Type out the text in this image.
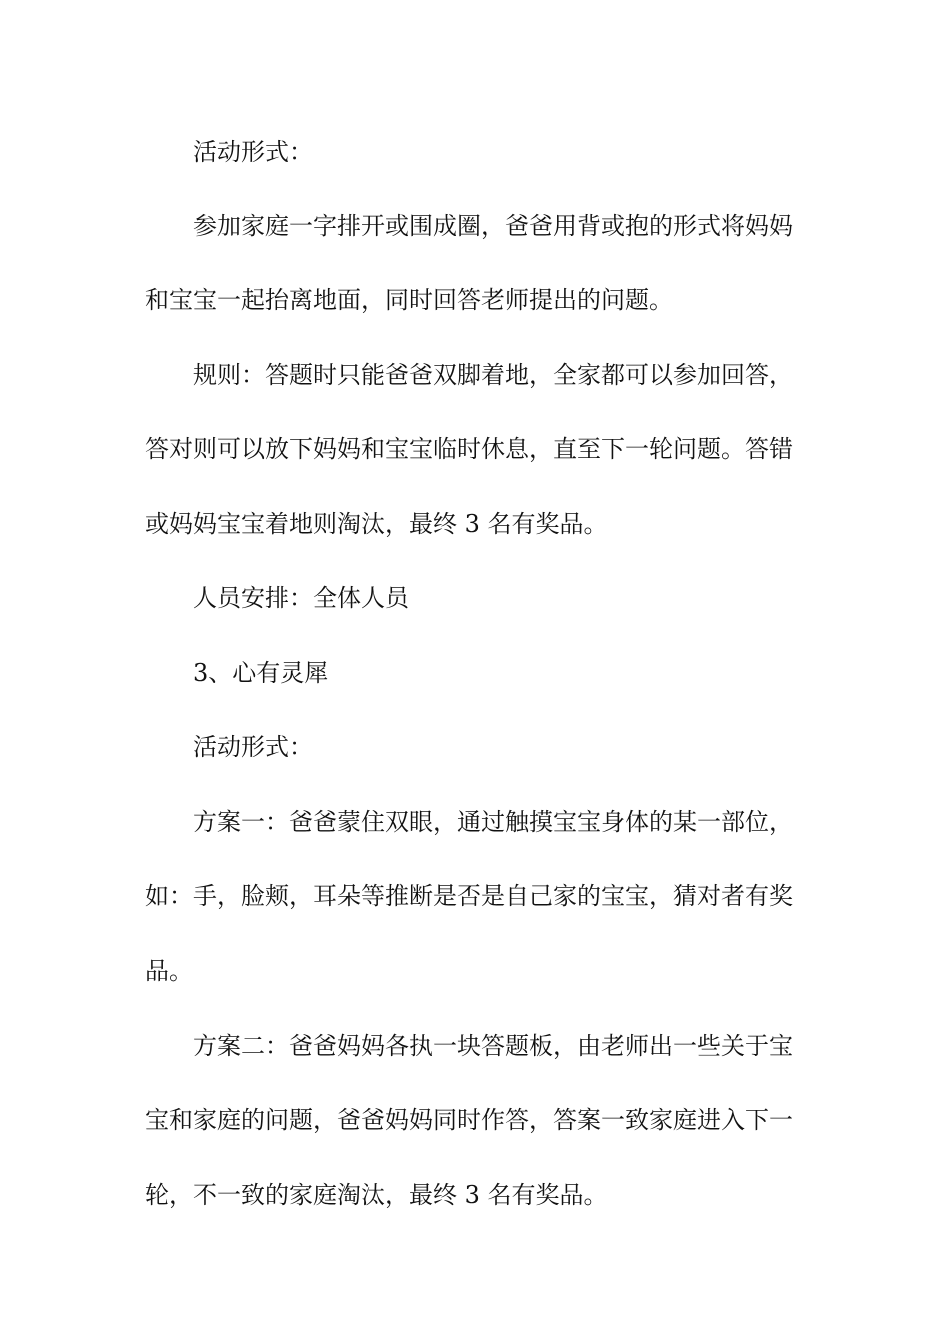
活动形式：
参加家庭一字排开或围成圈，爸爸用背或抱的形式将妈妈
和宝宝一起抬离地面，同时回答老师提出的问题。
规则：答题时只能爸爸双脚着地，全家都可以参加回答，
答对则可以放下妈妈和宝宝临时休息，直至下一轮问题。答错
或妈妈宝宝着地则淘汰，最终 3 名有奖品。
人员安排：全体人员
3、心有灵犀
活动形式：
方案一：爸爸蒙住双眼，通过触摸宝宝身体的某一部位，
如：手，脸颊，耳朵等推断是否是自己家的宝宝，猜对者有奖
品。
方案二：爸爸妈妈各执一块答题板，由老师出一些关于宝
宝和家庭的问题，爸爸妈妈同时作答，答案一致家庭进入下一
轮，不一致的家庭淘汰，最终 3 名有奖品。
